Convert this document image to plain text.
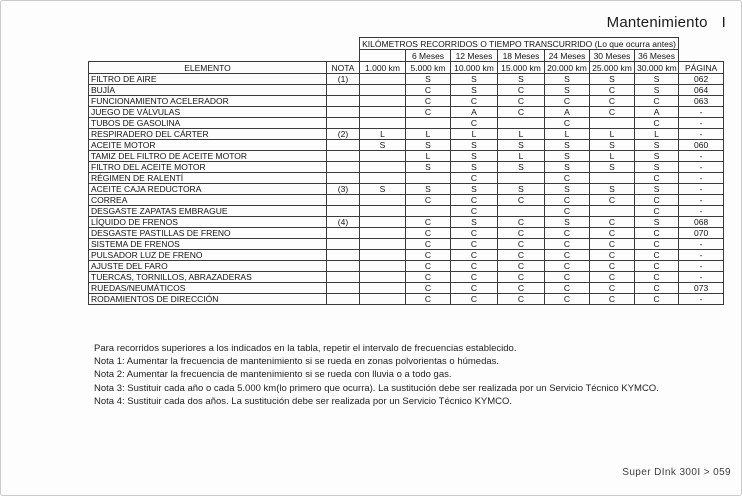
Mantenimiento I
		KILÓMETROS RECORRIDOS O TIEMPO TRANSCURRIDO (Lo que ocurra antes)							
			6 Meses	12 Meses	18 Meses	24 Meses	30 Meses	36 Meses	
ELEMENTO	NOTA	1.000 km	5.000 km	10.000 km	15.000 km	20.000 km	25.000 km	30.000 km	PÁGINA
FILTRO DE AIRE	(1)		S	S	S	S	S	S	062
BUJÍA			C	S	C	S	C	S	064
FUNCIONAMIENTO ACELERADOR			C	C	C	C	C	C	063
JUEGO DE VÁLVULAS			C	A	C	A	C	A	-
TUBOS DE GASOLINA				C		C		C	-
RESPIRADERO DEL CÁRTER	(2)	L	L	L	L	L	L	L	-
ACEITE MOTOR		S	S	S	S	S	S	S	060
TAMIZ DEL FILTRO DE ACEITE MOTOR			L	S	L	S	L	S	-
FILTRO DEL ACEITE MOTOR			S	S	S	S	S	S	-
RÉGIMEN DE RALENTÍ				C		C		C	-
ACEITE CAJA REDUCTORA	(3)	S	S	S	S	S	S	S	-
CORREA			C	C	C	C	C	C	-
DESGASTE ZAPATAS EMBRAGUE				C		C		C	-
LÍQUIDO DE FRENOS	(4)		C	S	C	S	C	S	068
DESGASTE PASTILLAS DE FRENO			C	C	C	C	C	C	070
SISTEMA DE FRENOS			C	C	C	C	C	C	-
PULSADOR LUZ DE FRENO			C	C	C	C	C	C	-
AJUSTE DEL FARO			C	C	C	C	C	C	-
TUERCAS, TORNILLOS, ABRAZADERAS			C	C	C	C	C	C	-
RUEDAS/NEUMÁTICOS			C	C	C	C	C	C	073
RODAMIENTOS DE DIRECCIÓN			C	C	C	C	C	C	-
Para recorridos superiores a los indicados en la tabla, repetir el intervalo de frecuencias establecido.
Nota 1: Aumentar la frecuencia de mantenimiento si se rueda en zonas polvorientas o húmedas.
Nota 2: Aumentar la frecuencia de mantenimiento si se rueda con lluvia o a todo gas.
Nota 3: Sustituir cada año o cada 5.000 km(lo primero que ocurra). La sustitución debe ser realizada por un Servicio Técnico KYMCO.
Nota 4: Sustituir cada dos años. La sustitución debe ser realizada por un Servicio Técnico KYMCO.
Super DInk 300I > 059
